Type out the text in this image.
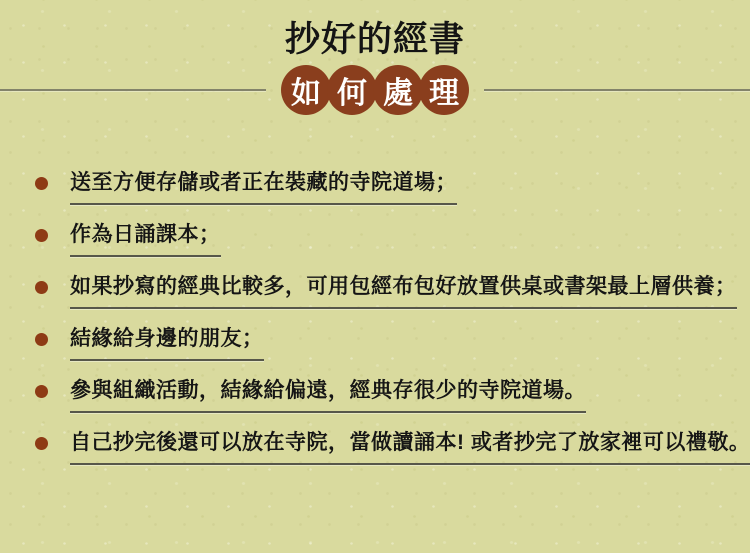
抄好的經書
如 何 處 理
送至方便存儲或者正在裝藏的寺院道場；
作為日誦課本；
如果抄寫的經典比較多，可用包經布包好放置供桌或書架最上層供養；
結緣給身邊的朋友；
參與組織活動，結緣給偏遠，經典存很少的寺院道場。
自己抄完後還可以放在寺院，當做讀誦本! 或者抄完了放家裡可以禮敬。
